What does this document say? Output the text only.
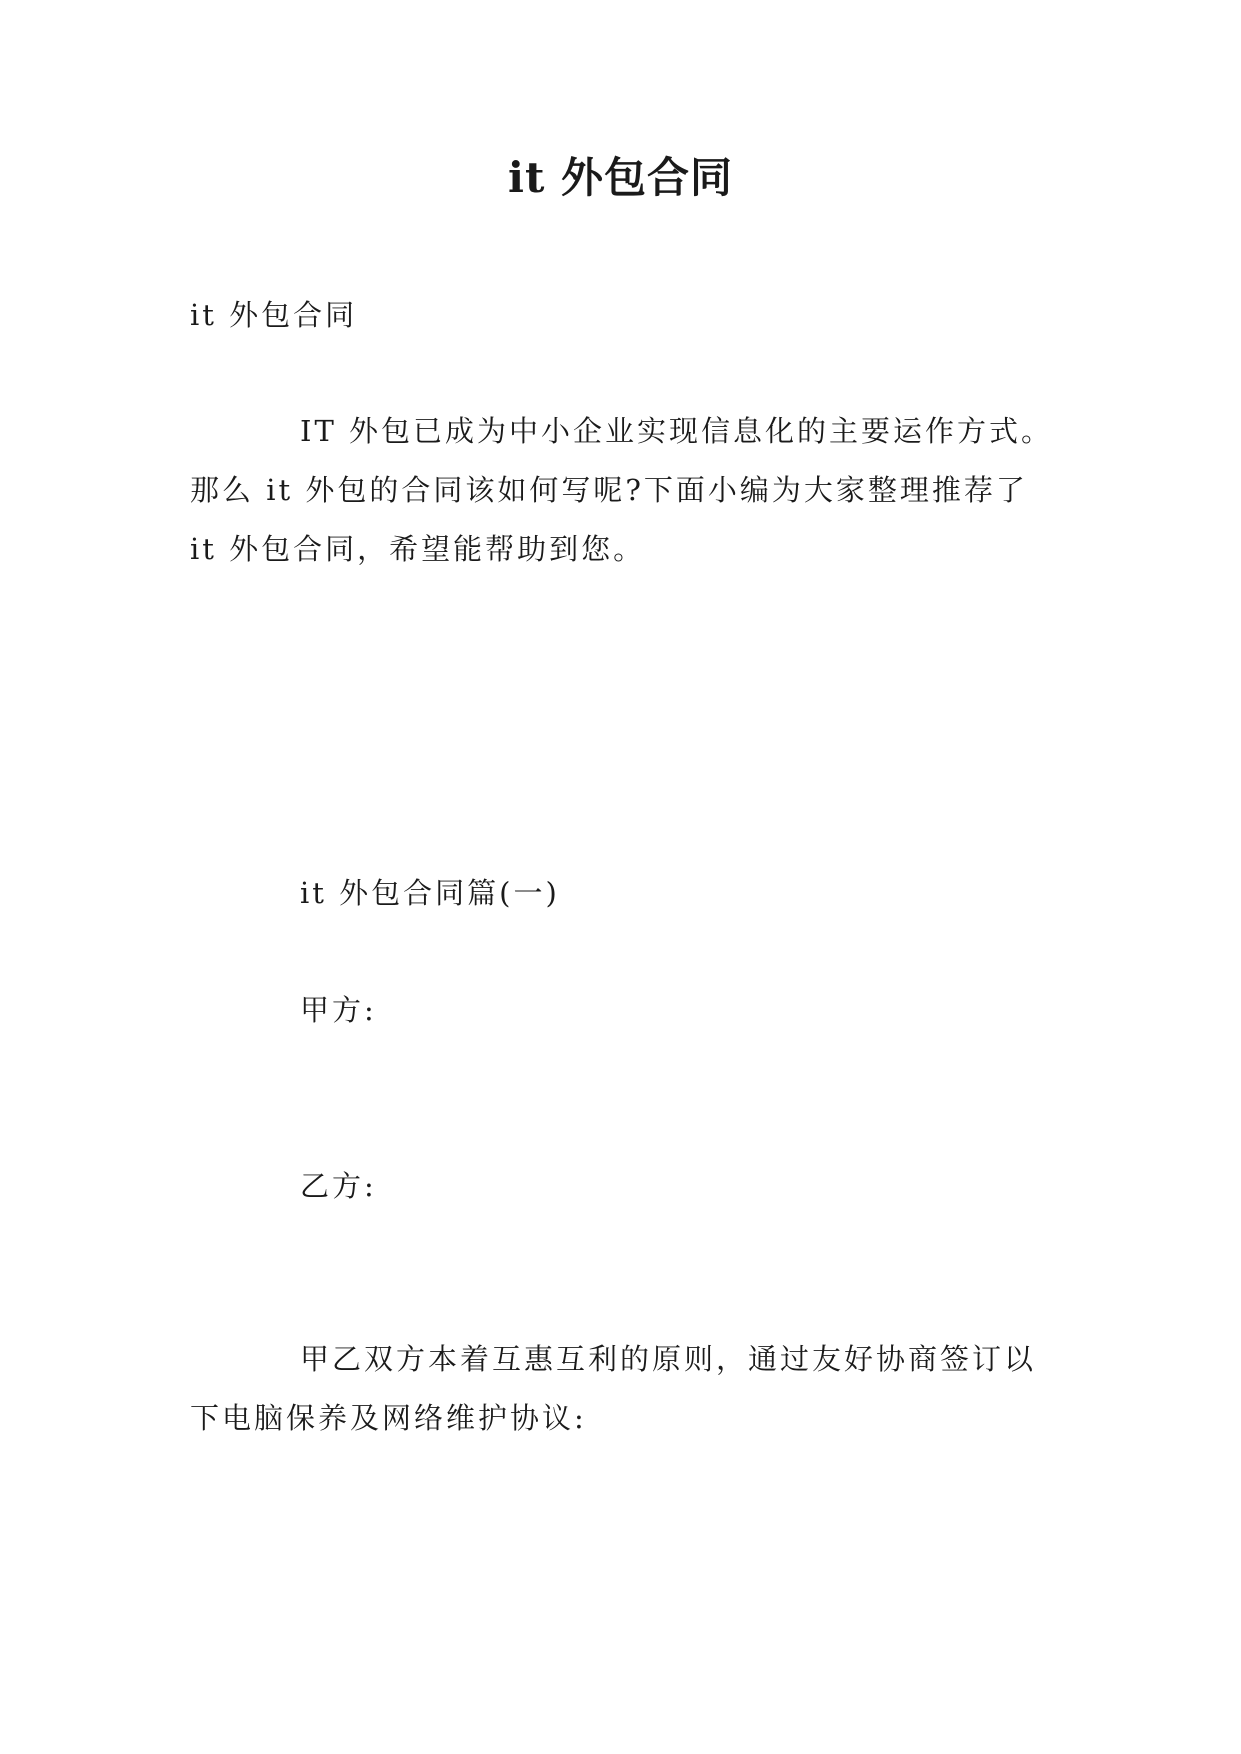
it 外包合同

it 外包合同

IT 外包已成为中小企业实现信息化的主要运作方式。
那么 it 外包的合同该如何写呢?下面小编为大家整理推荐了
it 外包合同，希望能帮助到您。

it 外包合同篇(一)

甲方:

乙方:

甲乙双方本着互惠互利的原则，通过友好协商签订以
下电脑保养及网络维护协议:
